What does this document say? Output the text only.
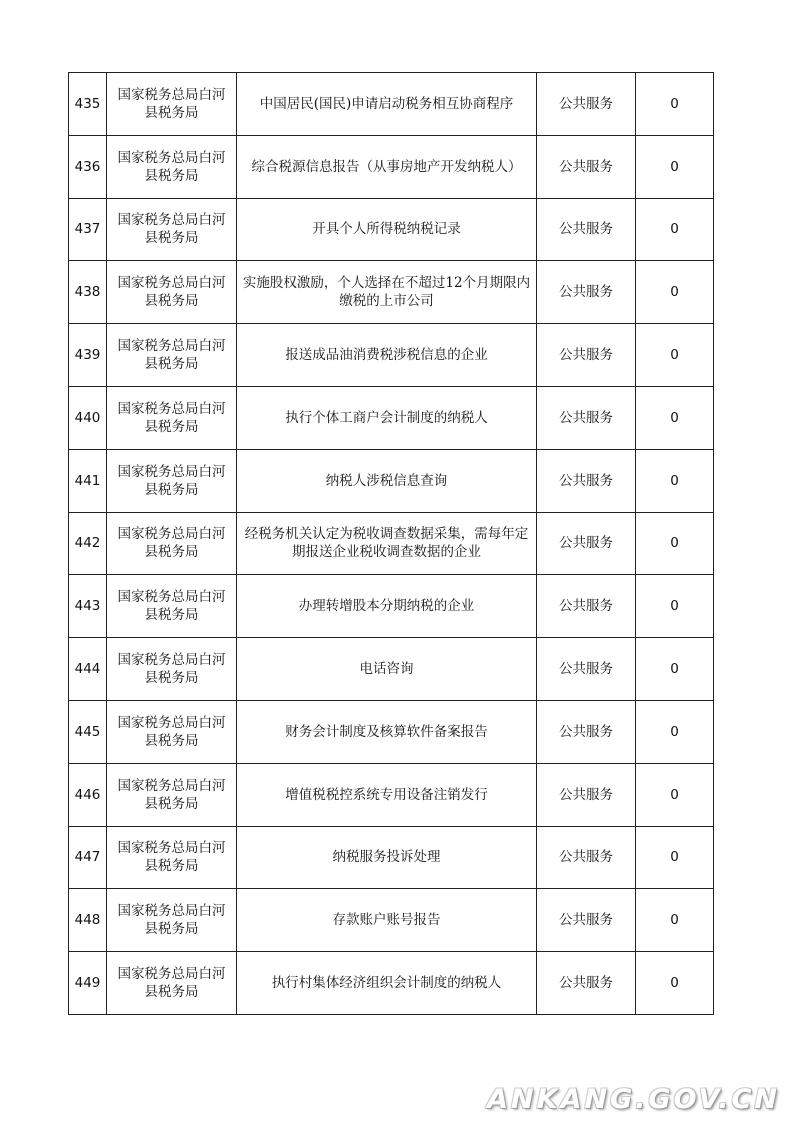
435	国家税务总局白河县税务局	中国居民(国民)申请启动税务相互协商程序	公共服务	0
436	国家税务总局白河县税务局	综合税源信息报告（从事房地产开发纳税人）	公共服务	0
437	国家税务总局白河县税务局	开具个人所得税纳税记录	公共服务	0
438	国家税务总局白河县税务局	实施股权激励，个人选择在不超过12个月期限内缴税的上市公司	公共服务	0
439	国家税务总局白河县税务局	报送成品油消费税涉税信息的企业	公共服务	0
440	国家税务总局白河县税务局	执行个体工商户会计制度的纳税人	公共服务	0
441	国家税务总局白河县税务局	纳税人涉税信息查询	公共服务	0
442	国家税务总局白河县税务局	经税务机关认定为税收调查数据采集，需每年定期报送企业税收调查数据的企业	公共服务	0
443	国家税务总局白河县税务局	办理转增股本分期纳税的企业	公共服务	0
444	国家税务总局白河县税务局	电话咨询	公共服务	0
445	国家税务总局白河县税务局	财务会计制度及核算软件备案报告	公共服务	0
446	国家税务总局白河县税务局	增值税税控系统专用设备注销发行	公共服务	0
447	国家税务总局白河县税务局	纳税服务投诉处理	公共服务	0
448	国家税务总局白河县税务局	存款账户账号报告	公共服务	0
449	国家税务总局白河县税务局	执行村集体经济组织会计制度的纳税人	公共服务	0
ANKANG.GOV.CN
